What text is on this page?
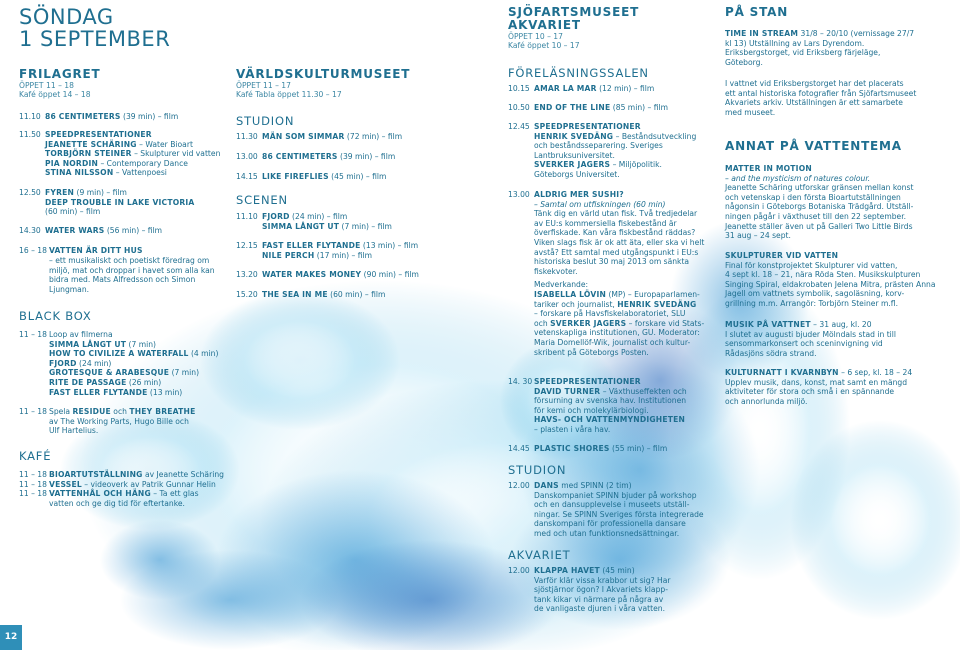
SÖNDAG
1 SEPTEMBER
FRILAGRET
ÖPPET 11 – 18
Kafé öppet 14 – 18
11.10 86 CENTIMETERS (39 min) – film
11.50 SPEEDPRESENTATIONER
JEANETTE SCHÄRING – Water Bioart
TORBJÖRN STEINER – Skulpturer vid vatten
PIA NORDIN – Contemporary Dance
STINA NILSSON – Vattenpoesi
12.50 FYREN (9 min) – film
DEEP TROUBLE IN LAKE VICTORIA
(60 min) – film
14.30 WATER WARS (56 min) – film
16 – 18 VATTEN ÄR DITT HUS
– ett musikaliskt och poetiskt föredrag om
miljö, mat och droppar i havet som alla kan
bidra med. Mats Alfredsson och Simon
Ljungman.
BLACK BOX
11 – 18 Loop av filmerna
SIMMA LÅNGT UT (7 min)
HOW TO CIVILIZE A WATERFALL (4 min)
FJORD (24 min)
GROTESQUE & ARABESQUE (7 min)
RITE DE PASSAGE (26 min)
FAST ELLER FLYTANDE (13 min)
11 – 18 Spela RESIDUE och THEY BREATHE
av The Working Parts, Hugo Bille och
Ulf Hartelius.
KAFÉ
11 – 18 BIOARTUTSTÄLLNING av Jeanette Schäring
11 – 18 VESSEL – videoverk av Patrik Gunnar Helin
11 – 18 VATTENHÅL OCH HÄNG – Ta ett glas
vatten och ge dig tid för eftertanke.
VÄRLDSKULTURMUSEET
ÖPPET 11 – 17
Kafé Tabla öppet 11.30 – 17
STUDION
11.30 MÄN SOM SIMMAR (72 min) – film
13.00 86 CENTIMETERS (39 min) – film
14.15 LIKE FIREFLIES (45 min) – film
SCENEN
11.10 FJORD (24 min) – film
SIMMA LÅNGT UT (7 min) – film
12.15 FAST ELLER FLYTANDE (13 min) – film
NILE PERCH (17 min) – film
13.20 WATER MAKES MONEY (90 min) – film
15.20 THE SEA IN ME (60 min) – film
SJÖFARTSMUSEET
AKVARIET
ÖPPET 10 – 17
Kafé öppet 10 – 17
FÖRELÄSNINGSSALEN
10.15 AMAR LA MAR (12 min) – film
10.50 END OF THE LINE (85 min) – film
12.45 SPEEDPRESENTATIONER
HENRIK SVEDÄNG – Beståndsutveckling
och beståndsseparering. Sveriges
Lantbruksuniversitet.
SVERKER JAGERS – Miljöpolitik.
Göteborgs Universitet.
13.00 ALDRIG MER SUSHI?
– Samtal om utfiskningen (60 min)
Tänk dig en värld utan fisk. Två tredjedelar
av EU:s kommersiella fiskebestånd är
överfiskade. Kan våra fiskbestånd räddas?
Viken slags fisk är ok att äta, eller ska vi helt
avstå? Ett samtal med utgångspunkt i EU:s
historiska beslut 30 maj 2013 om sänkta
fiskekvoter.
Medverkande:
ISABELLA LÖVIN (MP) – Europaparlamen-
tariker och journalist, HENRIK SVEDÄNG
– forskare på Havsfiskelaboratoriet, SLU
och SVERKER JAGERS – forskare vid Stats-
vetenskapliga institutionen, GU. Moderator:
Maria Domellöf-Wik, journalist och kultur-
skribent på Göteborgs Posten.
14. 30 SPEEDPRESENTATIONER
DAVID TURNER – Växthuseffekten och
försurning av svenska hav. Institutionen
för kemi och molekylärbiologi.
HAVS- OCH VATTENMYNDIGHETEN
– plasten i våra hav.
14.45 PLASTIC SHORES (55 min) – film
STUDION
12.00 DANS med SPINN (2 tim)
Danskompaniet SPINN bjuder på workshop
och en dansupplevelse i museets utställ-
ningar. Se SPINN Sveriges första integrerade
danskompani för professionella dansare
med och utan funktionsnedsättningar.
AKVARIET
12.00 KLAPPA HAVET (45 min)
Varför klär vissa krabbor ut sig? Har
sjöstjärnor ögon? I Akvariets klapp-
tank kikar vi närmare på några av
de vanligaste djuren i våra vatten.
PÅ STAN
TIME IN STREAM 31/8 – 20/10 (vernissage 27/7
kl 13) Utställning av Lars Dyrendom.
Eriksbergstorget, vid Eriksberg färjeläge,
Göteborg.
I vattnet vid Eriksbergstorget har det placerats
ett antal historiska fotografier från Sjöfartsmuseet
Akvariets arkiv. Utställningen är ett samarbete
med museet.
ANNAT PÅ VATTENTEMA
MATTER IN MOTION
– and the mysticism of natures colour.
Jeanette Schäring utforskar gränsen mellan konst
och vetenskap i den första Bioartutställningen
någonsin i Göteborgs Botaniska Trädgård. Utställ-
ningen pågår i växthuset till den 22 september.
Jeanette ställer även ut på Galleri Two Little Birds
31 aug – 24 sept.
SKULPTURER VID VATTEN
Final för konstprojektet Skulpturer vid vatten,
4 sept kl. 18 – 21, nära Röda Sten. Musikskulpturen
Singing Spiral, eldakrobaten Jelena Mitra, prästen Anna
Jagell om vattnets symbolik, sagoläsning, korv-
grillning m.m. Arrangör: Torbjörn Steiner m.fl.
MUSIK PÅ VATTNET – 31 aug, kl. 20
I slutet av augusti bjuder Mölndals stad in till
sensommarkonsert och sceninvigning vid
Rådasjöns södra strand.
KULTURNATT I KVARNBYN – 6 sep, kl. 18 – 24
Upplev musik, dans, konst, mat samt en mängd
aktiviteter för stora och små i en spännande
och annorlunda miljö.
12
